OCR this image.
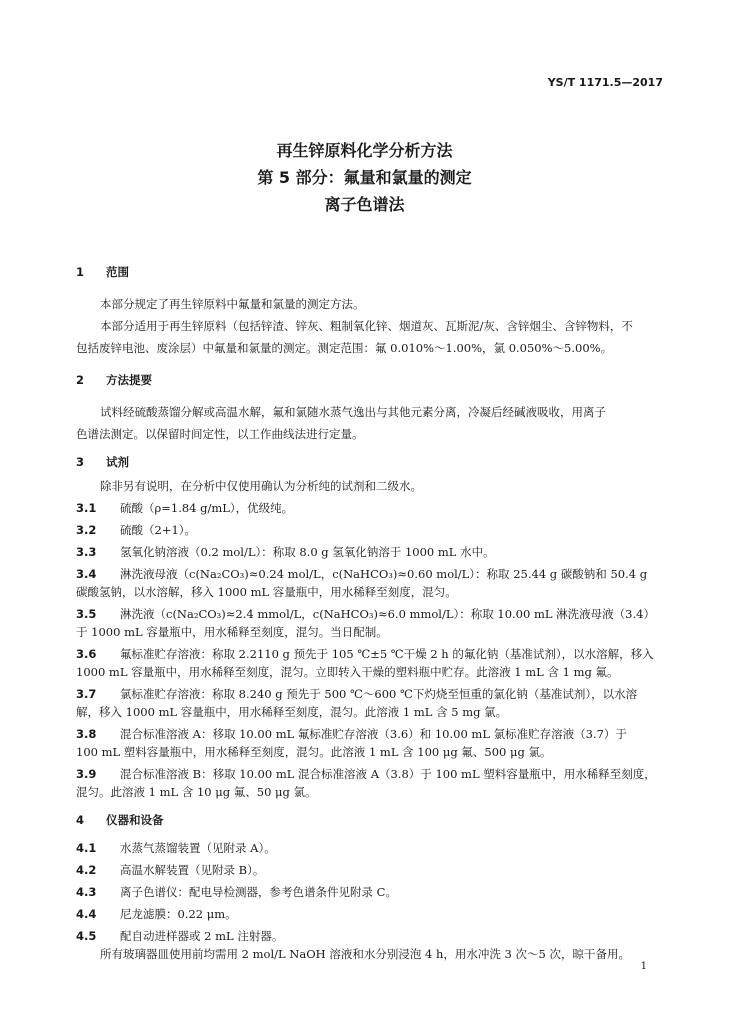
YS/T 1171.5—2017
再生锌原料化学分析方法
第 5 部分：氟量和氯量的测定
离子色谱法
1 范围
本部分规定了再生锌原料中氟量和氯量的测定方法。
本部分适用于再生锌原料（包括锌渣、锌灰、粗制氧化锌、烟道灰、瓦斯泥/灰、含锌烟尘、含锌物料，不
包括废锌电池、废涂层）中氟量和氯量的测定。测定范围：氟 0.010%～1.00%，氯 0.050%～5.00%。
2 方法提要
试料经硫酸蒸馏分解或高温水解，氟和氯随水蒸气逸出与其他元素分离，冷凝后经碱液吸收，用离子
色谱法测定。以保留时间定性，以工作曲线法进行定量。
3 试剂
除非另有说明，在分析中仅使用确认为分析纯的试剂和二级水。
3.1 硫酸（ρ=1.84 g/mL），优级纯。
3.2 硫酸（2+1）。
3.3 氢氧化钠溶液（0.2 mol/L）：称取 8.0 g 氢氧化钠溶于 1000 mL 水中。
3.4 淋洗液母液（c(Na₂CO₃)≈0.24 mol/L，c(NaHCO₃)≈0.60 mol/L）：称取 25.44 g 碳酸钠和 50.4 g
碳酸氢钠，以水溶解，移入 1000 mL 容量瓶中，用水稀释至刻度，混匀。
3.5 淋洗液（c(Na₂CO₃)≈2.4 mmol/L，c(NaHCO₃)≈6.0 mmol/L）：称取 10.00 mL 淋洗液母液（3.4）
于 1000 mL 容量瓶中，用水稀释至刻度，混匀。当日配制。
3.6 氟标准贮存溶液：称取 2.2110 g 预先于 105 ℃±5 ℃干燥 2 h 的氟化钠（基准试剂），以水溶解，移入
1000 mL 容量瓶中，用水稀释至刻度，混匀。立即转入干燥的塑料瓶中贮存。此溶液 1 mL 含 1 mg 氟。
3.7 氯标准贮存溶液：称取 8.240 g 预先于 500 ℃～600 ℃下灼烧至恒重的氯化钠（基准试剂），以水溶
解，移入 1000 mL 容量瓶中，用水稀释至刻度，混匀。此溶液 1 mL 含 5 mg 氯。
3.8 混合标准溶液 A：移取 10.00 mL 氟标准贮存溶液（3.6）和 10.00 mL 氯标准贮存溶液（3.7）于
100 mL 塑料容量瓶中，用水稀释至刻度，混匀。此溶液 1 mL 含 100 μg 氟、500 μg 氯。
3.9 混合标准溶液 B：移取 10.00 mL 混合标准溶液 A（3.8）于 100 mL 塑料容量瓶中，用水稀释至刻度，
混匀。此溶液 1 mL 含 10 μg 氟、50 μg 氯。
4 仪器和设备
4.1 水蒸气蒸馏装置（见附录 A）。
4.2 高温水解装置（见附录 B）。
4.3 离子色谱仪：配电导检测器，参考色谱条件见附录 C。
4.4 尼龙滤膜：0.22 μm。
4.5 配自动进样器或 2 mL 注射器。
所有玻璃器皿使用前均需用 2 mol/L NaOH 溶液和水分别浸泡 4 h，用水冲洗 3 次～5 次，晾干备用。
1
